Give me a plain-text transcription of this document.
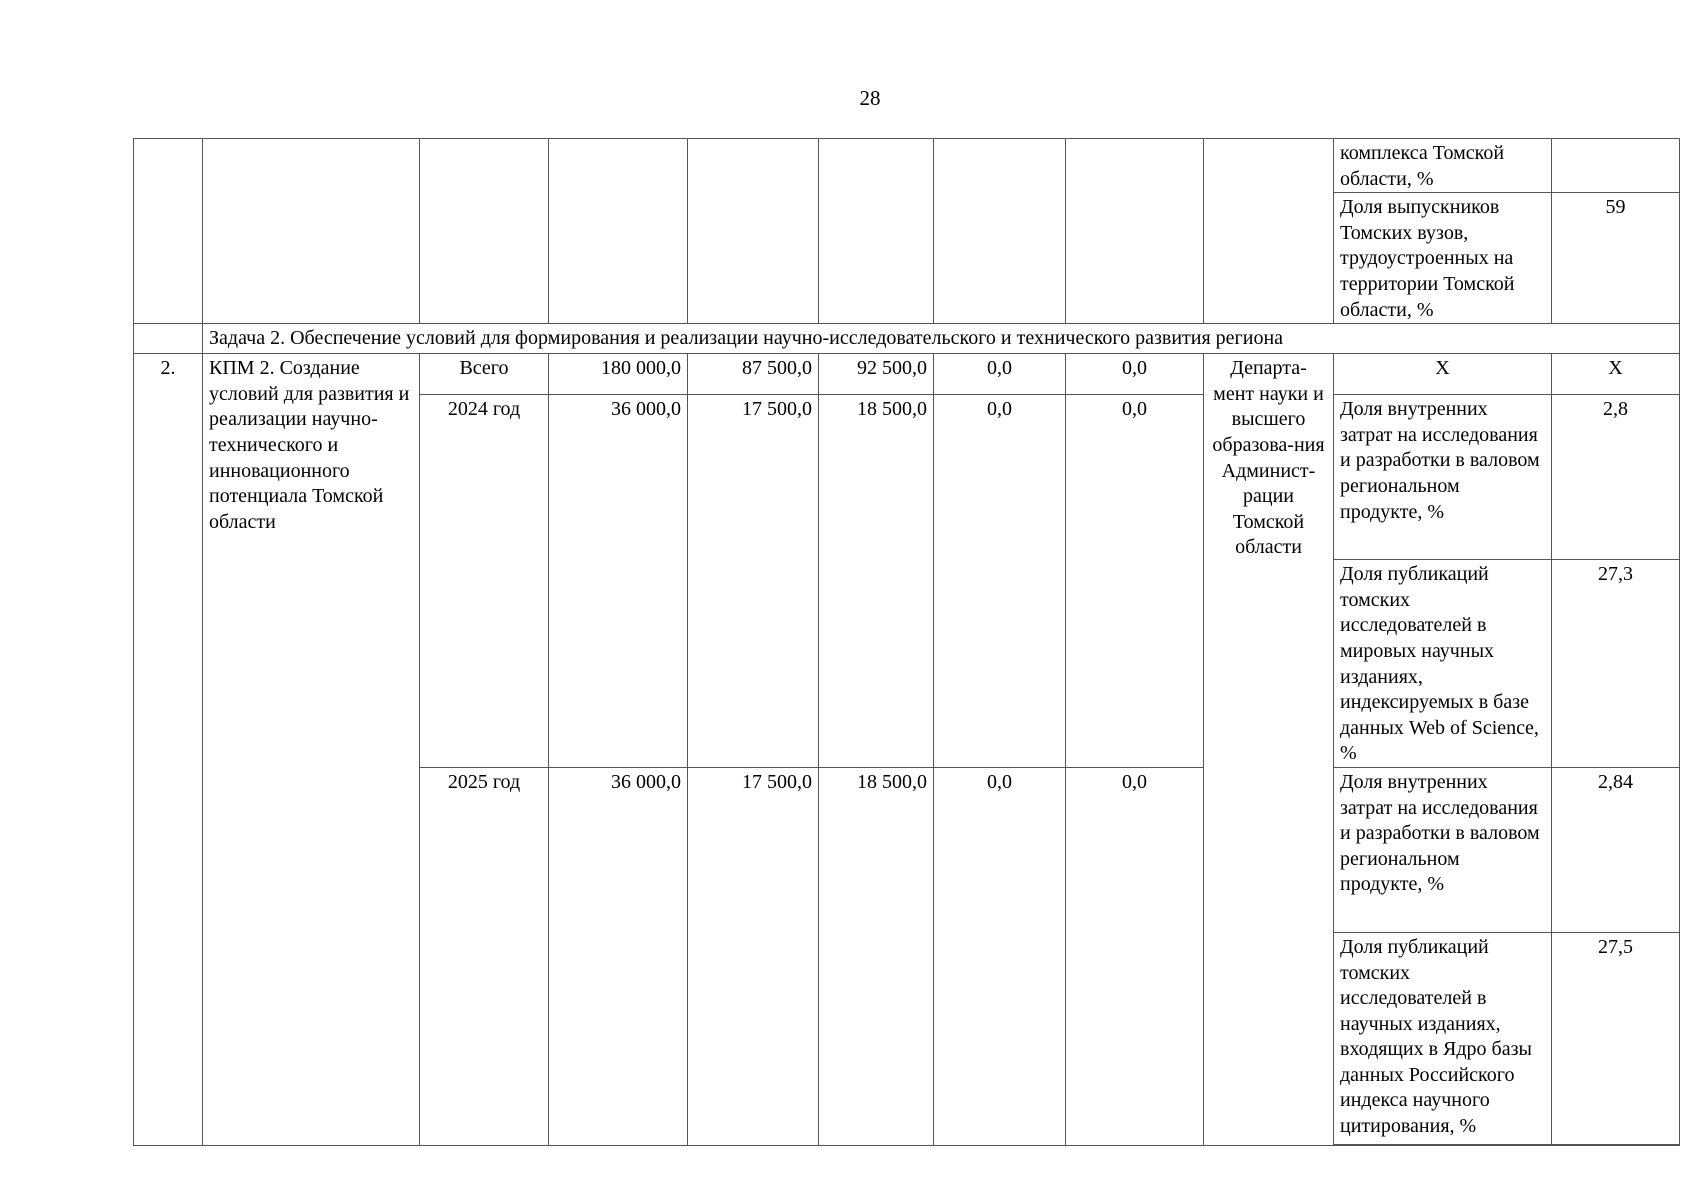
28
									комплекса Томской области, %	
									Доля выпускников Томских вузов, трудоустроенных на территории Томской области, %	59
	Задача 2. Обеспечение условий для формирования и реализации научно-исследовательского и технического развития региона									
2.	КПМ 2. Создание условий для развития и реализации научно-технического и инновационного потенциала Томской области	Всего	180 000,0	87 500,0	92 500,0	0,0	0,0	Департа-мент науки и высшего образова-ния Админист-рации Томской области	X	X
		2024 год	36 000,0	17 500,0	18 500,0	0,0	0,0		Доля внутренних затрат на исследования и разработки в валовом региональном продукте, %	2,8
									Доля публикаций томских исследователей в мировых научных изданиях, индексируемых в базе данных Web of Science, %	27,3
		2025 год	36 000,0	17 500,0	18 500,0	0,0	0,0		Доля внутренних затрат на исследования и разработки в валовом региональном продукте, %	2,84
									Доля публикаций томских исследователей в научных изданиях, входящих в Ядро базы данных Российского индекса научного цитирования, %	27,5
